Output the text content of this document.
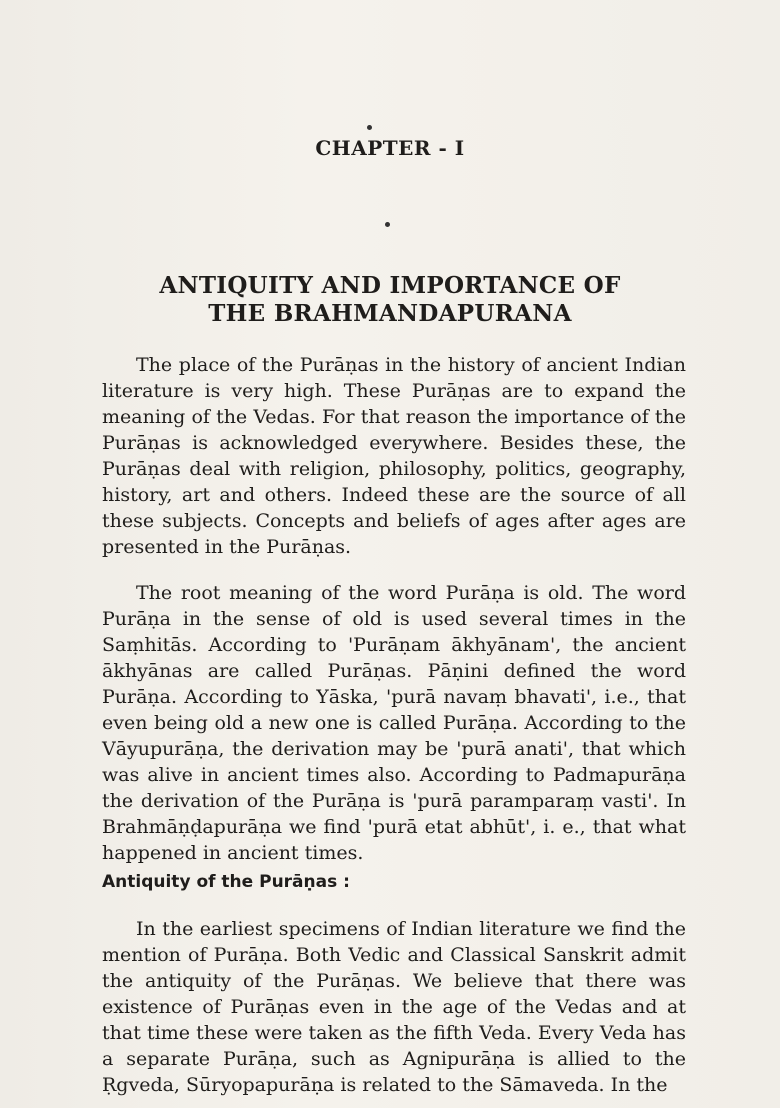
CHAPTER - I
ANTIQUITY AND IMPORTANCE OF
THE BRAHMANDAPURANA

The place of the Purāṇas in the history of ancient Indian literature is very high. These Purāṇas are to expand the meaning of the Vedas. For that reason the importance of the Purāṇas is acknowledged everywhere. Besides these, the Purāṇas deal with religion, philosophy, politics, geography, history, art and others. Indeed these are the source of all these subjects. Concepts and beliefs of ages after ages are presented in the Purāṇas.

The root meaning of the word Purāṇa is old. The word Purāṇa in the sense of old is used several times in the Saṃhitās. According to 'Purāṇam ākhyānam', the ancient ākhyānas are called Purāṇas. Pāṇini defined the word Purāṇa. According to Yāska, 'purā navaṃ bhavati', i.e., that even being old a new one is called Purāṇa. According to the Vāyupurāṇa, the derivation may be 'purā anati', that which was alive in ancient times also. According to Padmapurāṇa the derivation of the Purāṇa is 'purā paramparaṃ vasti'. In Brahmāṇḍapurāṇa we find 'purā etat abhūt', i. e., that what happened in ancient times.

Antiquity of the Purāṇas :

In the earliest specimens of Indian literature we find the mention of Purāṇa. Both Vedic and Classical Sanskrit admit the antiquity of the Purāṇas. We believe that there was existence of Purāṇas even in the age of the Vedas and at that time these were taken as the fifth Veda. Every Veda has a separate Purāṇa, such as Agnipurāṇa is allied to the Ṛgveda, Sūryopapurāṇa is related to the Sāmaveda. In the
